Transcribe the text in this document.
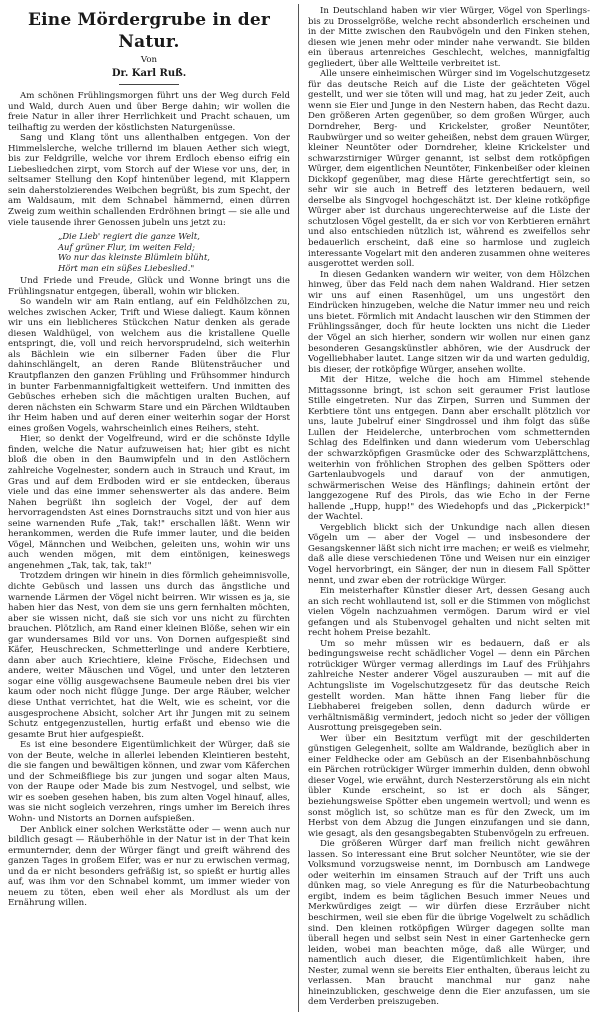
Eine Mördergrube in der Natur.
Von
Dr. Karl Ruß.

Am schönen Frühlingsmorgen führt uns der Weg durch Feld und Wald, durch Auen und über Berge dahin; wir wollen die freie Natur in aller ihrer Herrlichkeit und Pracht schauen, um teilhaftig zu werden der köstlichsten Naturgenüsse.

Sang und Klang tönt uns allenthalben entgegen. Von der Himmelslerche, welche trillernd im blauen Aether sich wiegt, bis zur Feldgrille, welche vor ihrem Erdloch ebenso eifrig ein Liebesliedchen zirpt, vom Storch auf der Wiese vor uns, der, in seltsamer Stellung den Kopf hintenüber legend, mit Klappern sein daherstolzierendes Weibchen begrüßt, bis zum Specht, der am Waldsaum, mit dem Schnabel hämmernd, einen dürren Zweig zum weithin schallenden Erdröhnen bringt — sie alle und viele tausende ihrer Genossen jubeln uns jetzt zu:

„Die Lieb' regiert die ganze Welt,
Auf grüner Flur, im weiten Feld;
Wo nur das kleinste Blümlein blüht,
Hört man ein süßes Liebeslied."

Und Friede und Freude, Glück und Wonne bringt uns die Frühlingsnatur entgegen, überall, wohin wir blicken.

So wandeln wir am Rain entlang, auf ein Feldhölzchen zu, welches zwischen Acker, Trift und Wiese daliegt. Kaum können wir uns ein lieblicheres Stückchen Natur denken als gerade diesen Waldhügel, von welchem aus die kristallene Quelle entspringt, die, voll und reich hervorsprudelnd, sich weiterhin als Bächlein wie ein silberner Faden über die Flur dahinschlängelt, an deren Rande Blütensträucher und Krautpflanzen den ganzen Frühling und Frühsommer hindurch in bunter Farbenmannigfaltigkeit wetteifern. Und inmitten des Gebüsches erheben sich die mächtigen uralten Buchen, auf deren nächsten ein Schwarm Stare und ein Pärchen Wildtauben ihr Heim haben und auf deren einer weiterhin sogar der Horst eines großen Vogels, wahrscheinlich eines Reihers, steht.

Hier, so denkt der Vogelfreund, wird er die schönste Idylle finden, welche die Natur aufzuweisen hat; hier gibt es nicht bloß die oben in den Baumwipfeln und in den Astlöchern zahlreiche Vogelnester, sondern auch in Strauch und Kraut, im Gras und auf dem Erdboden wird er sie entdecken, überaus viele und das eine immer sehenswerter als das andere. Beim Nahen begrüßt ihn sogleich der Vogel, der auf dem hervorragendsten Ast eines Dornstrauchs sitzt und von hier aus seine warnenden Rufe „Tak, tak!" erschallen läßt. Wenn wir herankommen, werden die Rufe immer lauter, und die beiden Vögel, Männchen und Weibchen, geleiten uns, wohin wir uns auch wenden mögen, mit dem eintönigen, keineswegs angenehmen „Tak, tak, tak, tak!"

Trotzdem dringen wir hinein in dies förmlich geheimnisvolle, dichte Gebüsch und lassen uns durch das ängstliche und warnende Lärmen der Vögel nicht beirren. Wir wissen es ja, sie haben hier das Nest, von dem sie uns gern fernhalten möchten, aber sie wissen nicht, daß sie sich vor uns nicht zu fürchten brauchen. Plötzlich, am Rand einer kleinen Blöße, sehen wir ein gar wundersames Bild vor uns. Von Dornen aufgespießt sind Käfer, Heuschrecken, Schmetterlinge und andere Kerbtiere, dann aber auch Kriechtiere, kleine Frösche, Eidechsen und andere, weiter Mäuschen und Vögel, und unter den letzteren sogar eine völlig ausgewachsene Baumeule neben drei bis vier kaum oder noch nicht flügge Junge. Der arge Räuber, welcher diese Unthat verrichtet, hat die Welt, wie es scheint, vor die ausgesprochene Absicht, solcher Art ihr Jungen mit zu seinem Schutz entgegenzustellen, hurtig erfaßt und ebenso wie die gesamte Brut hier aufgespießt.

Es ist eine besondere Eigentümlichkeit der Würger, daß sie von der Beute, welche in allerlei lebenden Kleintieren besteht, die sie fangen und bewältigen können, und zwar vom Käferchen und der Schmeißfliege bis zur jungen und sogar alten Maus, von der Raupe oder Made bis zum Nestvogel, und selbst, wie wir es soeben gesehen haben, bis zum alten Vogel hinauf, alles, was sie nicht sogleich verzehren, rings umher im Bereich ihres Wohn- und Nistorts an Dornen aufspießen.

Der Anblick einer solchen Werkstätte oder — wenn auch nur bildlich gesagt — Räuberhöhle in der Natur ist in der That kein ermunternder, denn der Würger fängt und greift während des ganzen Tages in großem Eifer, was er nur zu erwischen vermag, und da er nicht besonders gefräßig ist, so spießt er hurtig alles auf, was ihm vor den Schnabel kommt, um immer wieder von neuem zu töten, eben weil eher als Mordlust als um der Ernährung willen.

In Deutschland haben wir vier Würger, Vögel von Sperlings- bis zu Drosselgröße, welche recht absonderlich erscheinen und in der Mitte zwischen den Raubvögeln und den Finken stehen, diesen wie jenen mehr oder minder nahe verwandt. Sie bilden ein überaus artenreiches Geschlecht, welches, mannigfaltig gegliedert, über alle Weltteile verbreitet ist.

Alle unsere einheimischen Würger sind im Vogelschutzgesetz für das deutsche Reich auf die Liste der geächteten Vögel gestellt, und wer sie töten will und mag, hat zu jeder Zeit, auch wenn sie Eier und Junge in den Nestern haben, das Recht dazu. Den größeren Arten gegenüber, so dem großen Würger, auch Dorndreher, Berg- und Krickelster, großer Neuntöter, Raubwürger und so weiter geheißen, nebst dem grauen Würger, kleiner Neuntöter oder Dorndreher, kleine Krickelster und schwarzstirniger Würger genannt, ist selbst dem rotköpfigen Würger, dem eigentlichen Neuntöter, Finkenbeißer oder kleinen Dickkopf gegenüber, mag diese Härte gerechtfertigt sein, so sehr wir sie auch in Betreff des letzteren bedauern, weil derselbe als Singvogel hochgeschätzt ist. Der kleine rotköpfige Würger aber ist durchaus ungerechterweise auf die Liste der schutzlosen Vögel gestellt, da er sich vor von Kerbtieren ernährt und also entschieden nützlich ist, während es zweifellos sehr bedauerlich erscheint, daß eine so harmlose und zugleich interessante Vogelart mit den anderen zusammen ohne weiteres ausgerottet werden soll.

In diesen Gedanken wandern wir weiter, von dem Hölzchen hinweg, über das Feld nach dem nahen Waldrand. Hier setzen wir uns auf einen Rasenhügel, um uns ungestört den Eindrücken hinzugeben, welche die Natur immer neu und reich uns bietet. Förmlich mit Andacht lauschen wir den Stimmen der Frühlingssänger, doch für heute lockten uns nicht die Lieder der Vögel an sich hierher, sondern wir wollen nur einen ganz besonderen Gesangskünstler abhören, wie der Ausdruck der Vogelliebhaber lautet. Lange sitzen wir da und warten geduldig, bis dieser, der rotköpfige Würger, ansehen wollte.

Mit der Hitze, welche die hoch am Himmel stehende Mittagssonne bringt, ist schon seit geraumer Frist lautlose Stille eingetreten. Nur das Zirpen, Surren und Summen der Kerbtiere tönt uns entgegen. Dann aber erschallt plötzlich vor uns, laute Jubelruf einer Singdrossel und ihm folgt das süße Lullen der Heidelerche, unterbrochen vom schmetternden Schlag des Edelfinken und dann wiederum vom Ueberschlag der schwarzköpfigen Grasmücke oder des Schwarzplättchens, weiterhin von fröhlichen Strophen des gelben Spötters oder Gartenlaubvogels und darauf von der anmutigen, schwärmerischen Weise des Hänflings; dahinein ertönt der langgezogene Ruf des Pirols, das wie Echo in der Ferne hallende „Hupp, hupp!" des Wiedehopfs und das „Pickerpick!" der Wachtel.

Vergeblich blickt sich der Unkundige nach allen diesen Vögeln um — aber der Vogel — und insbesondere der Gesangskenner läßt sich nicht irre machen; er weiß es vielmehr, daß alle diese verschiedenen Töne und Weisen nur ein einziger Vogel hervorbringt, ein Sänger, der nun in diesem Fall Spötter nennt, und zwar eben der rotrückige Würger.

Ein meisterhafter Künstler dieser Art, dessen Gesang auch an sich recht wohllautend ist, soll er die Stimmen von möglichst vielen Vögeln nachzuahmen vermögen. Darum wird er viel gefangen und als Stubenvogel gehalten und nicht selten mit recht hohem Preise bezahlt.

Um so mehr müssen wir es bedauern, daß er als bedingungsweise recht schädlicher Vogel — denn ein Pärchen rotrückiger Würger vermag allerdings im Lauf des Frühjahrs zahlreiche Nester anderer Vögel auszurauben — mit auf die Achtungsliste im Vogelschutzgesetz für das deutsche Reich gestellt worden. Man hätte ihnen Fang lieber für die Liebhaberei freigeben sollen, denn dadurch würde er verhältnismäßig vermindert, jedoch nicht so jeder der völligen Ausrottung preisgegeben sein.

Wer über ein Besitztum verfügt mit der geschilderten günstigen Gelegenheit, sollte am Waldrande, bezüglich aber in einer Feldhecke oder am Gebüsch an der Eisenbahnböschung ein Pärchen rotrückiger Würger immerhin dulden, denn obwohl dieser Vogel, wie erwähnt, durch Nesterzerstörung als ein nicht übler Kunde erscheint, so ist er doch als Sänger, beziehungsweise Spötter eben ungemein wertvoll; und wenn es sonst möglich ist, so schütze man es für den Zweck, um im Herbst von dem Abzug die Jungen einzufangen und sie dann, wie gesagt, als den gesangsbegabten Stubenvögeln zu erfreuen.

Die größeren Würger darf man freilich nicht gewähren lassen. So interessant eine Brut solcher Neuntöter, wie sie der Volksmund vorzugsweise nennt, im Dornbusch am Landwege oder weiterhin im einsamen Strauch auf der Trift uns auch dünken mag, so viele Anregung es für die Naturbeobachtung ergibt, indem es beim täglichen Besuch immer Neues und Merkwürdiges zeigt — wir dürfen diese Erzräuber nicht beschirmen, weil sie eben für die übrige Vogelwelt zu schädlich sind. Den kleinen rotköpfigen Würger dagegen sollte man überall hegen und selbst sein Nest in einer Gartenhecke gern leiden, wobei man beachten möge, daß alle Würger, und namentlich auch dieser, die Eigentümlichkeit haben, ihre Nester, zumal wenn sie bereits Eier enthalten, überaus leicht zu verlassen. Man braucht manchmal nur ganz nahe hineinzublicken, geschweige denn die Eier anzufassen, um sie dem Verderben preiszugeben.
